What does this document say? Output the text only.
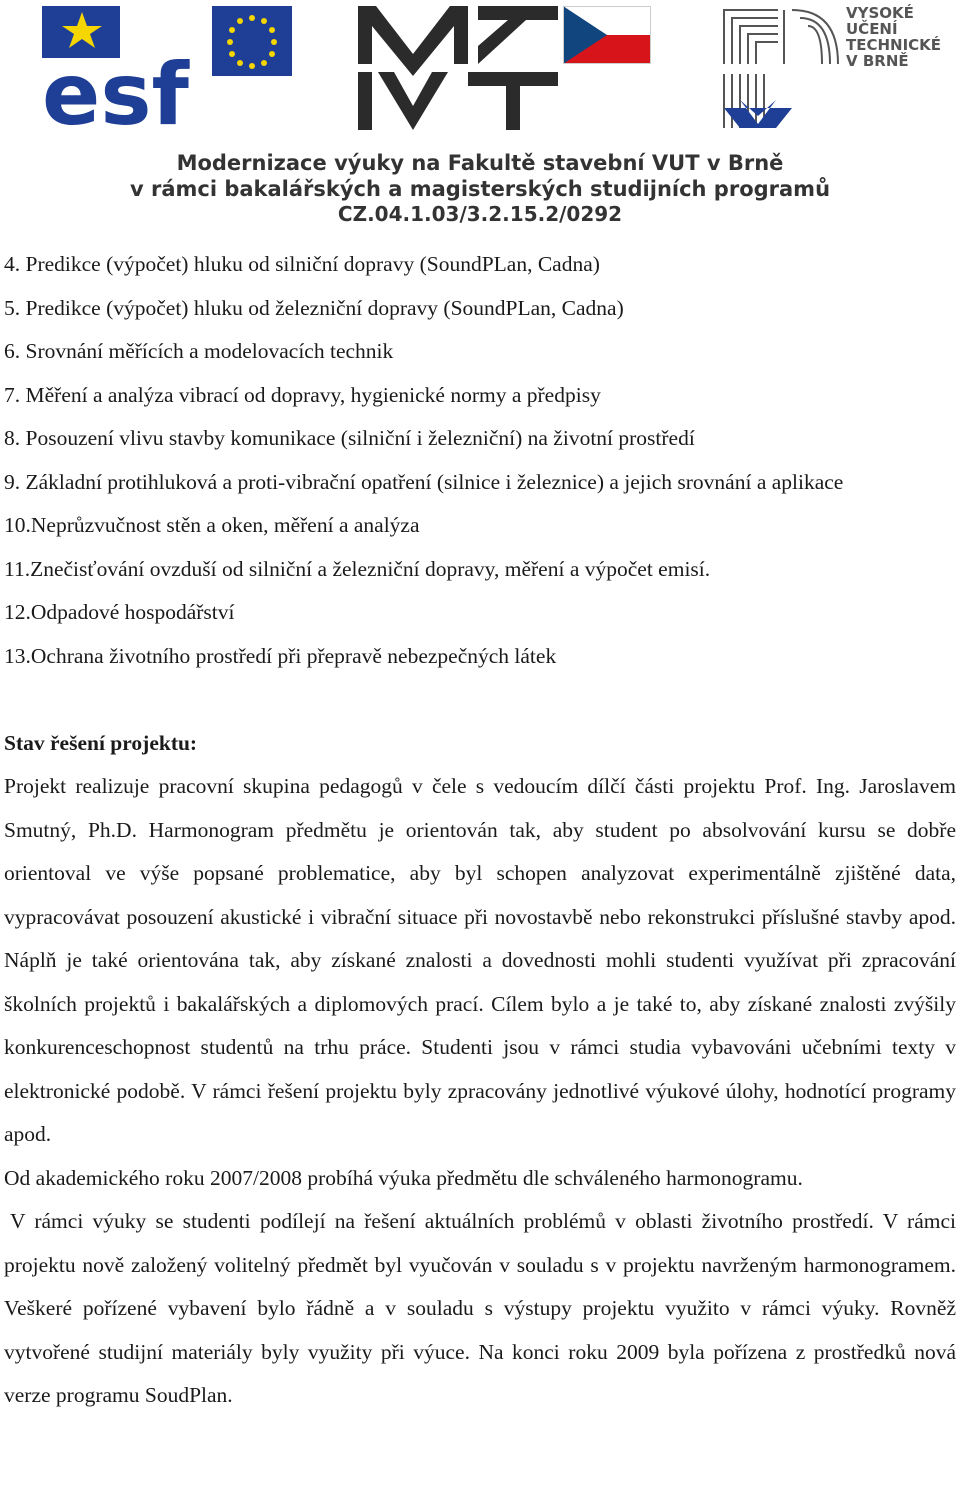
esf
VYSOKÉ
UČENÍ
TECHNICKÉ
V BRNĚ
Modernizace výuky na Fakultě stavební VUT v Brně
v rámci bakalářských a magisterských studijních programů
CZ.04.1.03/3.2.15.2/0292
4. Predikce (výpočet) hluku od silniční dopravy (SoundPLan, Cadna)
5. Predikce (výpočet) hluku od železniční dopravy (SoundPLan, Cadna)
6. Srovnání měřících a modelovacích technik
7. Měření a analýza vibrací od dopravy, hygienické normy a předpisy
8. Posouzení vlivu stavby komunikace (silniční i železniční) na životní prostředí
9. Základní protihluková a proti-vibrační opatření (silnice i železnice) a jejich srovnání a aplikace
10.Neprůzvučnost stěn a oken, měření a analýza
11.Znečisťování ovzduší od silniční a železniční dopravy, měření a výpočet emisí.
12.Odpadové hospodářství
13.Ochrana životního prostředí při přepravě nebezpečných látek
Stav řešení projektu:
Projekt realizuje pracovní skupina pedagogů v čele s vedoucím dílčí části projektu Prof. Ing. Jaroslavem Smutný, Ph.D. Harmonogram předmětu je orientován tak, aby student po absolvování kursu se dobře orientoval ve výše popsané problematice, aby byl schopen analyzovat experimentálně zjištěné data, vypracovávat posouzení akustické i vibrační situace při novostavbě nebo rekonstrukci příslušné stavby apod. Náplň je také orientována tak, aby získané znalosti a dovednosti mohli studenti využívat při zpracování školních projektů i bakalářských a diplomových prací. Cílem bylo a je také to, aby získané znalosti zvýšily konkurenceschopnost studentů na trhu práce. Studenti jsou v rámci studia vybavováni učebními texty v elektronické podobě. V rámci řešení projektu byly zpracovány jednotlivé výukové úlohy, hodnotící programy apod.
Od akademického roku 2007/2008 probíhá výuka předmětu dle schváleného harmonogramu.
V rámci výuky se studenti podílejí na řešení aktuálních problémů v oblasti životního prostředí. V rámci projektu nově založený volitelný předmět byl vyučován v souladu s v projektu navrženým harmonogramem. Veškeré pořízené vybavení bylo řádně a v souladu s výstupy projektu využito v rámci výuky. Rovněž vytvořené studijní materiály byly využity při výuce. Na konci roku 2009 byla pořízena z prostředků nová verze programu SoudPlan.
